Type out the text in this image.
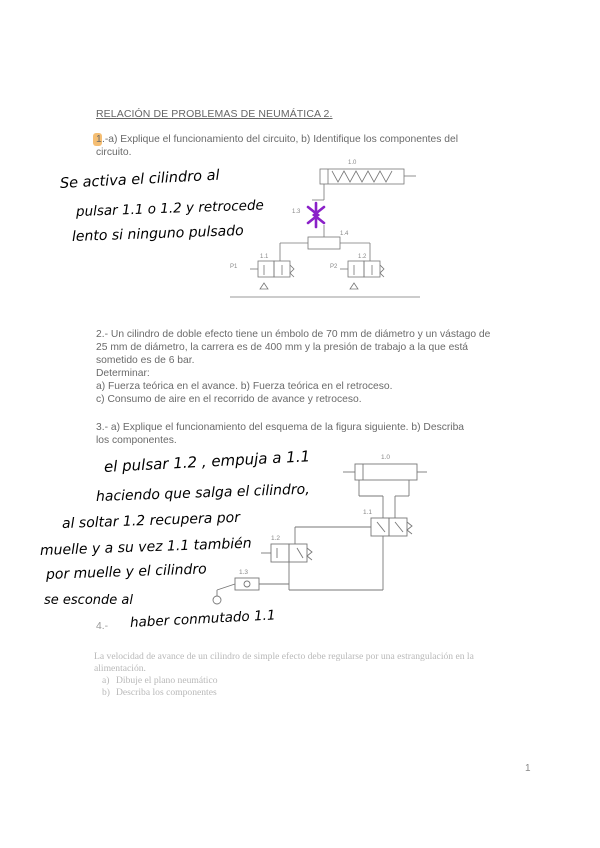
RELACIÓN DE PROBLEMAS DE NEUMÁTICA 2.
1 .-a) Explique el funcionamiento del circuito, b) Identifique los componentes del
circuito.
Se activa el cilindro al
pulsar 1.1 o 1.2 y retrocede
lento si ninguno pulsado
1.0
1.3
1.4
P1
1.1
P2
1.2
2.- Un cilindro de doble efecto tiene un émbolo de 70 mm de diámetro y un vástago de
25 mm de diámetro, la carrera es de 400 mm y la presión de trabajo a la que está
sometido es de 6 bar.
Determinar:
a) Fuerza teórica en el avance. b) Fuerza teórica en el retroceso.
c) Consumo de aire en el recorrido de avance y retroceso.
3.- a) Explique el funcionamiento del esquema de la figura siguiente. b) Describa
los componentes.
el pulsar 1.2 , empuja a 1.1
haciendo que salga el cilindro,
al soltar 1.2 recupera por
muelle y a su vez 1.1 también
por muelle y el cilindro
se esconde al
haber conmutado 1.1
1.0
1.1
1.2
1.3
4.-
La velocidad de avance de un cilindro de simple efecto debe regularse por una estrangulación en la
alimentación.
a) Dibuje el plano neumático
b) Describa los componentes
1
